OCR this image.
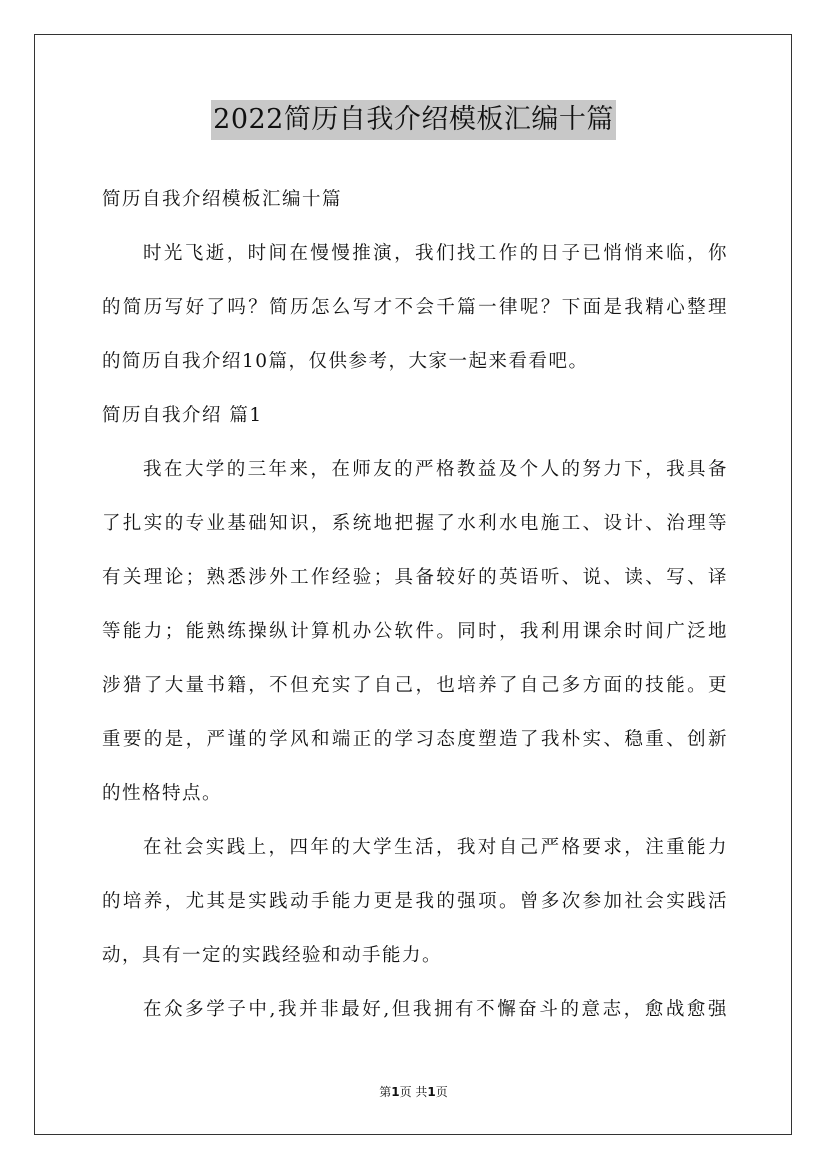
2022简历自我介绍模板汇编十篇
简历自我介绍模板汇编十篇
时光飞逝，时间在慢慢推演，我们找工作的日子已悄悄来临，你
的简历写好了吗？简历怎么写才不会千篇一律呢？下面是我精心整理
的简历自我介绍10篇，仅供参考，大家一起来看看吧。
简历自我介绍 篇1
我在大学的三年来，在师友的严格教益及个人的努力下，我具备
了扎实的专业基础知识，系统地把握了水利水电施工、设计、治理等
有关理论；熟悉涉外工作经验；具备较好的英语听、说、读、写、译
等能力；能熟练操纵计算机办公软件。同时，我利用课余时间广泛地
涉猎了大量书籍，不但充实了自己，也培养了自己多方面的技能。更
重要的是，严谨的学风和端正的学习态度塑造了我朴实、稳重、创新
的性格特点。
在社会实践上，四年的大学生活，我对自己严格要求，注重能力
的培养，尤其是实践动手能力更是我的强项。曾多次参加社会实践活
动，具有一定的实践经验和动手能力。
在众多学子中,我并非最好,但我拥有不懈奋斗的意志，愈战愈强
第1页 共1页
